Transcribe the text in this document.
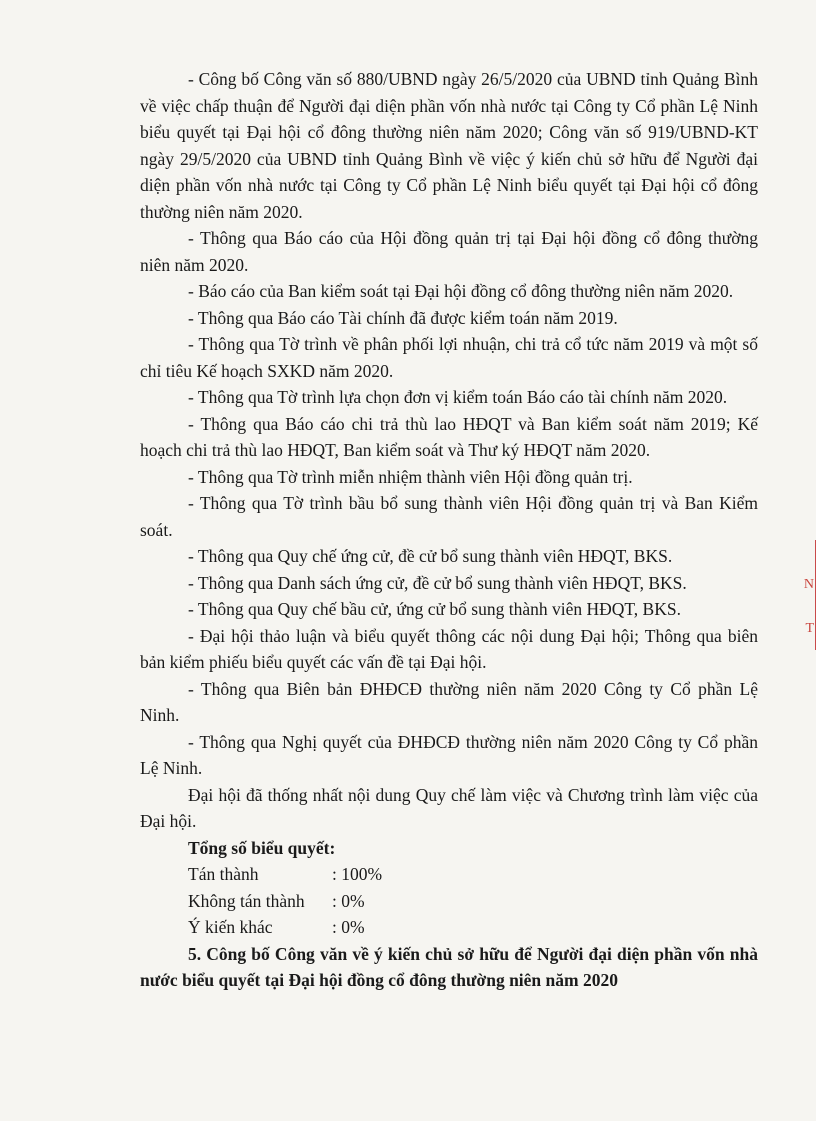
- Công bố Công văn số 880/UBND ngày 26/5/2020 của UBND tỉnh Quảng Bình về việc chấp thuận để Người đại diện phần vốn nhà nước tại Công ty Cổ phần Lệ Ninh biểu quyết tại Đại hội cổ đông thường niên năm 2020; Công văn số 919/UBND-KT ngày 29/5/2020 của UBND tỉnh Quảng Bình về việc ý kiến chủ sở hữu để Người đại diện phần vốn nhà nước tại Công ty Cổ phần Lệ Ninh biểu quyết tại Đại hội cổ đông thường niên năm 2020.

- Thông qua Báo cáo của Hội đồng quản trị tại Đại hội đồng cổ đông thường niên năm 2020.

- Báo cáo của Ban kiểm soát tại Đại hội đồng cổ đông thường niên năm 2020.

- Thông qua Báo cáo Tài chính đã được kiểm toán năm 2019.

- Thông qua Tờ trình về phân phối lợi nhuận, chi trả cổ tức năm 2019 và một số chỉ tiêu Kế hoạch SXKD năm 2020.

- Thông qua Tờ trình lựa chọn đơn vị kiểm toán Báo cáo tài chính năm 2020.

- Thông qua Báo cáo chi trả thù lao HĐQT và Ban kiểm soát năm 2019; Kế hoạch chi trả thù lao HĐQT, Ban kiểm soát và Thư ký HĐQT năm 2020.

- Thông qua Tờ trình miễn nhiệm thành viên Hội đồng quản trị.

- Thông qua Tờ trình bầu bổ sung thành viên Hội đồng quản trị và Ban Kiểm soát.

- Thông qua Quy chế ứng cử, đề cử bổ sung thành viên HĐQT, BKS.

- Thông qua Danh sách ứng cử, đề cử bổ sung thành viên HĐQT, BKS.

- Thông qua Quy chế bầu cử, ứng cử bổ sung thành viên HĐQT, BKS.

- Đại hội thảo luận và biểu quyết thông các nội dung Đại hội; Thông qua biên bản kiểm phiếu biểu quyết các vấn đề tại Đại hội.

- Thông qua Biên bản ĐHĐCĐ thường niên năm 2020 Công ty Cổ phần Lệ Ninh.

- Thông qua Nghị quyết của ĐHĐCĐ thường niên năm 2020 Công ty Cổ phần Lệ Ninh.

Đại hội đã thống nhất nội dung Quy chế làm việc và Chương trình làm việc của Đại hội.

Tổng số biểu quyết:

Tán thành	: 100%
Không tán thành	: 0%
Ý kiến khác	: 0%

5. Công bố Công văn về ý kiến chủ sở hữu để Người đại diện phần vốn nhà nước biểu quyết tại Đại hội đồng cổ đông thường niên năm 2020

N
T
